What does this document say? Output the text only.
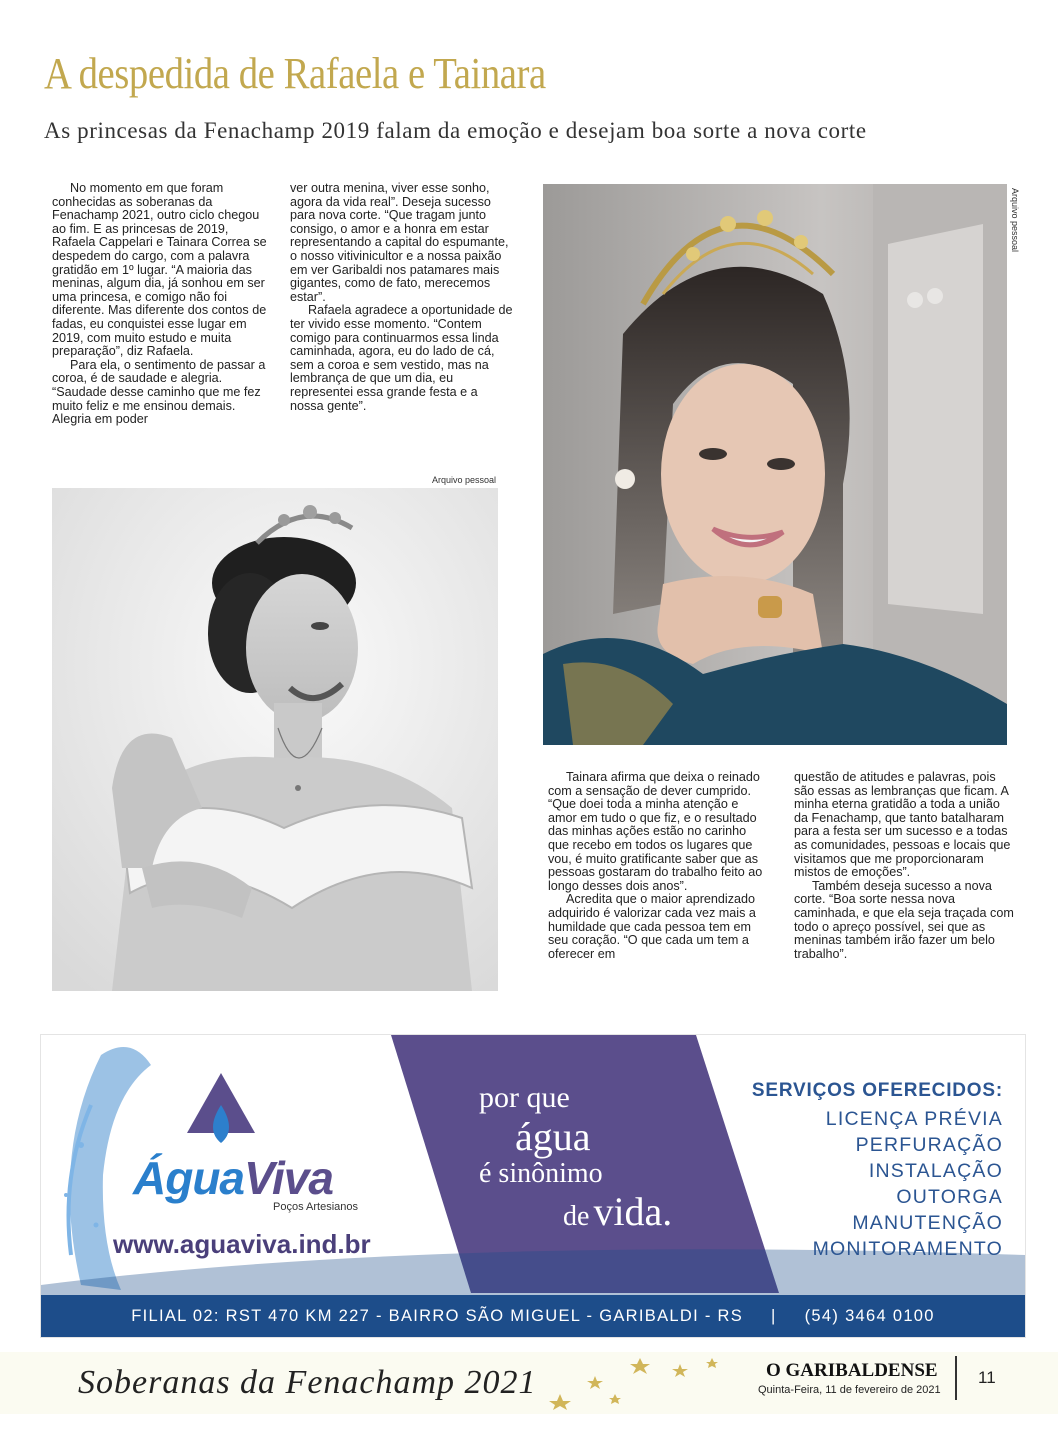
A despedida de Rafaela e Tainara
As princesas da Fenachamp 2019 falam da emoção e desejam boa sorte a nova corte

No momento em que foram conhecidas as soberanas da Fenachamp 2021, outro ciclo chegou ao fim. E as princesas de 2019, Rafaela Cappelari e Tainara Correa se despedem do cargo, com a palavra gratidão em 1º lugar. “A maioria das meninas, algum dia, já sonhou em ser uma princesa, e comigo não foi diferente. Mas diferente dos contos de fadas, eu conquistei esse lugar em 2019, com muito estudo e muita preparação”, diz Rafaela.

Para ela, o sentimento de passar a coroa, é de saudade e alegria. “Saudade desse caminho que me fez muito feliz e me ensinou demais. Alegria em poder

ver outra menina, viver esse sonho, agora da vida real”. Deseja sucesso para nova corte. “Que tragam junto consigo, o amor e a honra em estar representando a capital do espumante, o nosso vitivinicultor e a nossa paixão em ver Garibaldi nos patamares mais gigantes, como de fato, merecemos estar”.

Rafaela agradece a oportunidade de ter vivido esse momento. “Contem comigo para continuarmos essa linda caminhada, agora, eu do lado de cá, sem a coroa e sem vestido, mas na lembrança de que um dia, eu representei essa grande festa e a nossa gente”.

Arquivo pessoal
Arquivo pessoal

Tainara afirma que deixa o reinado com a sensação de dever cumprido. “Que doei toda a minha atenção e amor em tudo o que fiz, e o resultado das minhas ações estão no carinho que recebo em todos os lugares que vou, é muito gratificante saber que as pessoas gostaram do trabalho feito ao longo desses dois anos”.

Acredita que o maior aprendizado adquirido é valorizar cada vez mais a humildade que cada pessoa tem em seu coração. “O que cada um tem a oferecer em

questão de atitudes e palavras, pois são essas as lembranças que ficam. A minha eterna gratidão a toda a união da Fenachamp, que tanto batalharam para a festa ser um sucesso e a todas as comunidades, pessoas e locais que visitamos que me proporcionaram mistos de emoções”.

Também deseja sucesso a nova corte. “Boa sorte nessa nova caminhada, e que ela seja traçada com todo o apreço possível, sei que as meninas também irão fazer um belo trabalho”.

ÁguaViva
Poços Artesianos
www.aguaviva.ind.br
por que
água
é sinônimo
de vida.
SERVIÇOS OFERECIDOS:
LICENÇA PRÉVIA
PERFURAÇÃO
INSTALAÇÃO
OUTORGA
MANUTENÇÃO
MONITORAMENTO
FILIAL 02: RST 470 KM 227 - BAIRRO SÃO MIGUEL - GARIBALDI - RS | (54) 3464 0100
Soberanas da Fenachamp 2021	O GARIBALDENSE
Quinta-Feira, 11 de fevereiro de 2021
11
